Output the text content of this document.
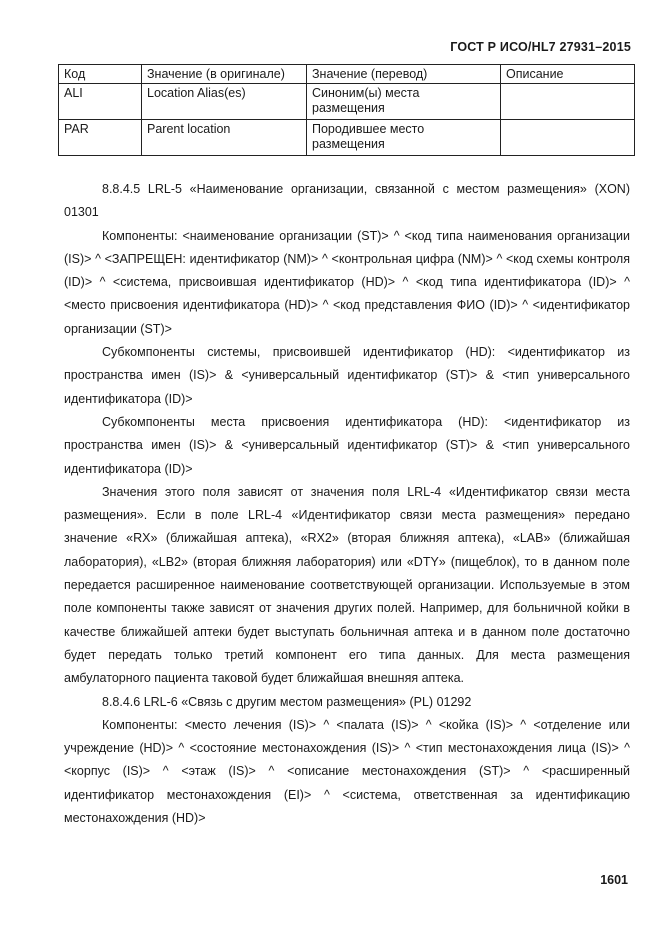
ГОСТ Р ИСО/HL7 27931–2015
Код	Значение (в оригинале)	Значение (перевод)	Описание
ALI	Location Alias(es)	Синоним(ы) места размещения	
PAR	Parent location	Породившее место размещения	

8.8.4.5 LRL-5 «Наименование организации, связанной с местом размещения» (XON) 01301

Компоненты: <наименование организации (ST)> ^ <код типа наименования организации (IS)> ^ <ЗАПРЕЩЕН: идентификатор (NM)> ^ <контрольная цифра (NM)> ^ <код схемы контроля (ID)> ^ <система, присвоившая идентификатор (HD)> ^ <код типа идентификатора (ID)> ^ <место присвоения идентификатора (HD)> ^ <код представления ФИО (ID)> ^ <идентификатор организации (ST)>

Субкомпоненты системы, присвоившей идентификатор (HD): <идентификатор из пространства имен (IS)> & <универсальный идентификатор (ST)> & <тип универсального идентификатора (ID)>

Субкомпоненты места присвоения идентификатора (HD): <идентификатор из пространства имен (IS)> & <универсальный идентификатор (ST)> & <тип универсального идентификатора (ID)>

Значения этого поля зависят от значения поля LRL-4 «Идентификатор связи места размещения». Если в поле LRL-4 «Идентификатор связи места размещения» передано значение «RX» (ближайшая аптека), «RX2» (вторая ближняя аптека), «LAB» (ближайшая лаборатория), «LB2» (вторая ближняя лаборатория) или «DTY» (пищеблок), то в данном поле передается расширенное наименование соответствующей организации. Используемые в этом поле компоненты также зависят от значения других полей. Например, для больничной койки в качестве ближайшей аптеки будет выступать больничная аптека и в данном поле достаточно будет передать только третий компонент его типа данных. Для места размещения амбулаторного пациента таковой будет ближайшая внешняя аптека.

8.8.4.6 LRL-6 «Связь с другим местом размещения» (PL) 01292

Компоненты: <место лечения (IS)> ^ <палата (IS)> ^ <койка (IS)> ^ <отделение или учреждение (HD)> ^ <состояние местонахождения (IS)> ^ <тип местонахождения лица (IS)> ^ <корпус (IS)> ^ <этаж (IS)> ^ <описание местонахождения (ST)> ^ <расширенный идентификатор местонахождения (EI)> ^ <система, ответственная за идентификацию местонахождения (HD)>

1601
